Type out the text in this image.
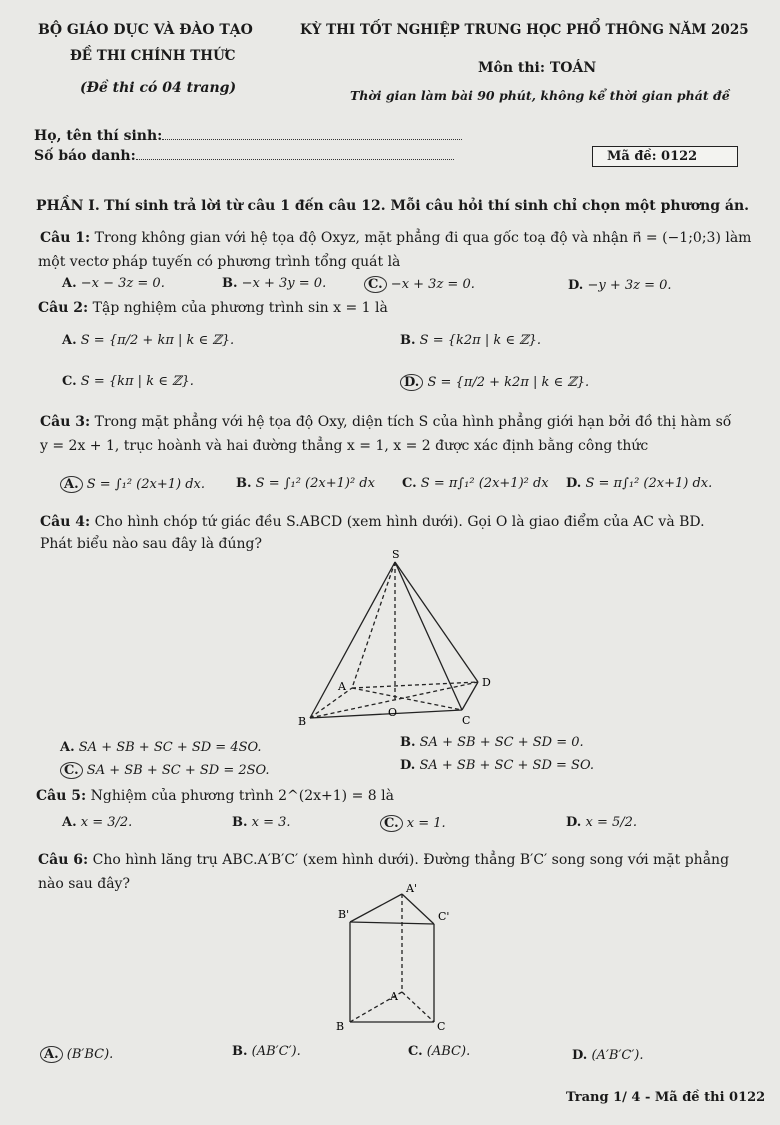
BỘ GIÁO DỤC VÀ ĐÀO TẠO	KỲ THI TỐT NGHIỆP TRUNG HỌC PHỔ THÔNG NĂM 2025
ĐỀ THI CHÍNH THỨC
Môn thi: TOÁN
(Đề thi có 04 trang)	Thời gian làm bài 90 phút, không kể thời gian phát đề
Họ, tên thí sinh:
Số báo danh:	Mã đề: 0122
PHẦN I. Thí sinh trả lời từ câu 1 đến câu 12. Mỗi câu hỏi thí sinh chỉ chọn một phương án.
Câu 1: Trong không gian với hệ tọa độ Oxyz, mặt phẳng đi qua gốc toạ độ và nhận n⃗ = (−1;0;3) làm
một vectơ pháp tuyến có phương trình tổng quát là
A. −x − 3z = 0.	B. −x + 3y = 0.	C. −x + 3z = 0.	D. −y + 3z = 0.
Câu 2: Tập nghiệm của phương trình sin x = 1 là
A. S = {π/2 + kπ | k ∈ ℤ}.	B. S = {k2π | k ∈ ℤ}.
C. S = {kπ | k ∈ ℤ}.	D. S = {π/2 + k2π | k ∈ ℤ}.
Câu 3: Trong mặt phẳng với hệ tọa độ Oxy, diện tích S của hình phẳng giới hạn bởi đồ thị hàm số
y = 2x + 1, trục hoành và hai đường thẳng x = 1, x = 2 được xác định bằng công thức
A. S = ∫₁² (2x+1) dx. B. S = ∫₁² (2x+1)² dx C. S = π∫₁² (2x+1)² dx D. S = π∫₁² (2x+1) dx.
Câu 4: Cho hình chóp tứ giác đều S.ABCD (xem hình dưới). Gọi O là giao điểm của AC và BD.
Phát biểu nào sau đây là đúng?
S
A
B	C
D
O
A. SA + SB + SC + SD = 4SO.	B. SA + SB + SC + SD = 0.
C. SA + SB + SC + SD = 2SO.	D. SA + SB + SC + SD = SO.
Câu 5: Nghiệm của phương trình 2^(2x+1) = 8 là
A. x = 3/2.	B. x = 3.	C. x = 1.	D. x = 5/2.
Câu 6: Cho hình lăng trụ ABC.A′B′C′ (xem hình dưới). Đường thẳng B′C′ song song với mặt phẳng
nào sau đây?	A'
B'	C'
A
B	C
A. (B′BC).	B. (AB′C′).	C. (ABC).	D. (A′B′C′).
Trang 1/ 4 - Mã đề thi 0122
